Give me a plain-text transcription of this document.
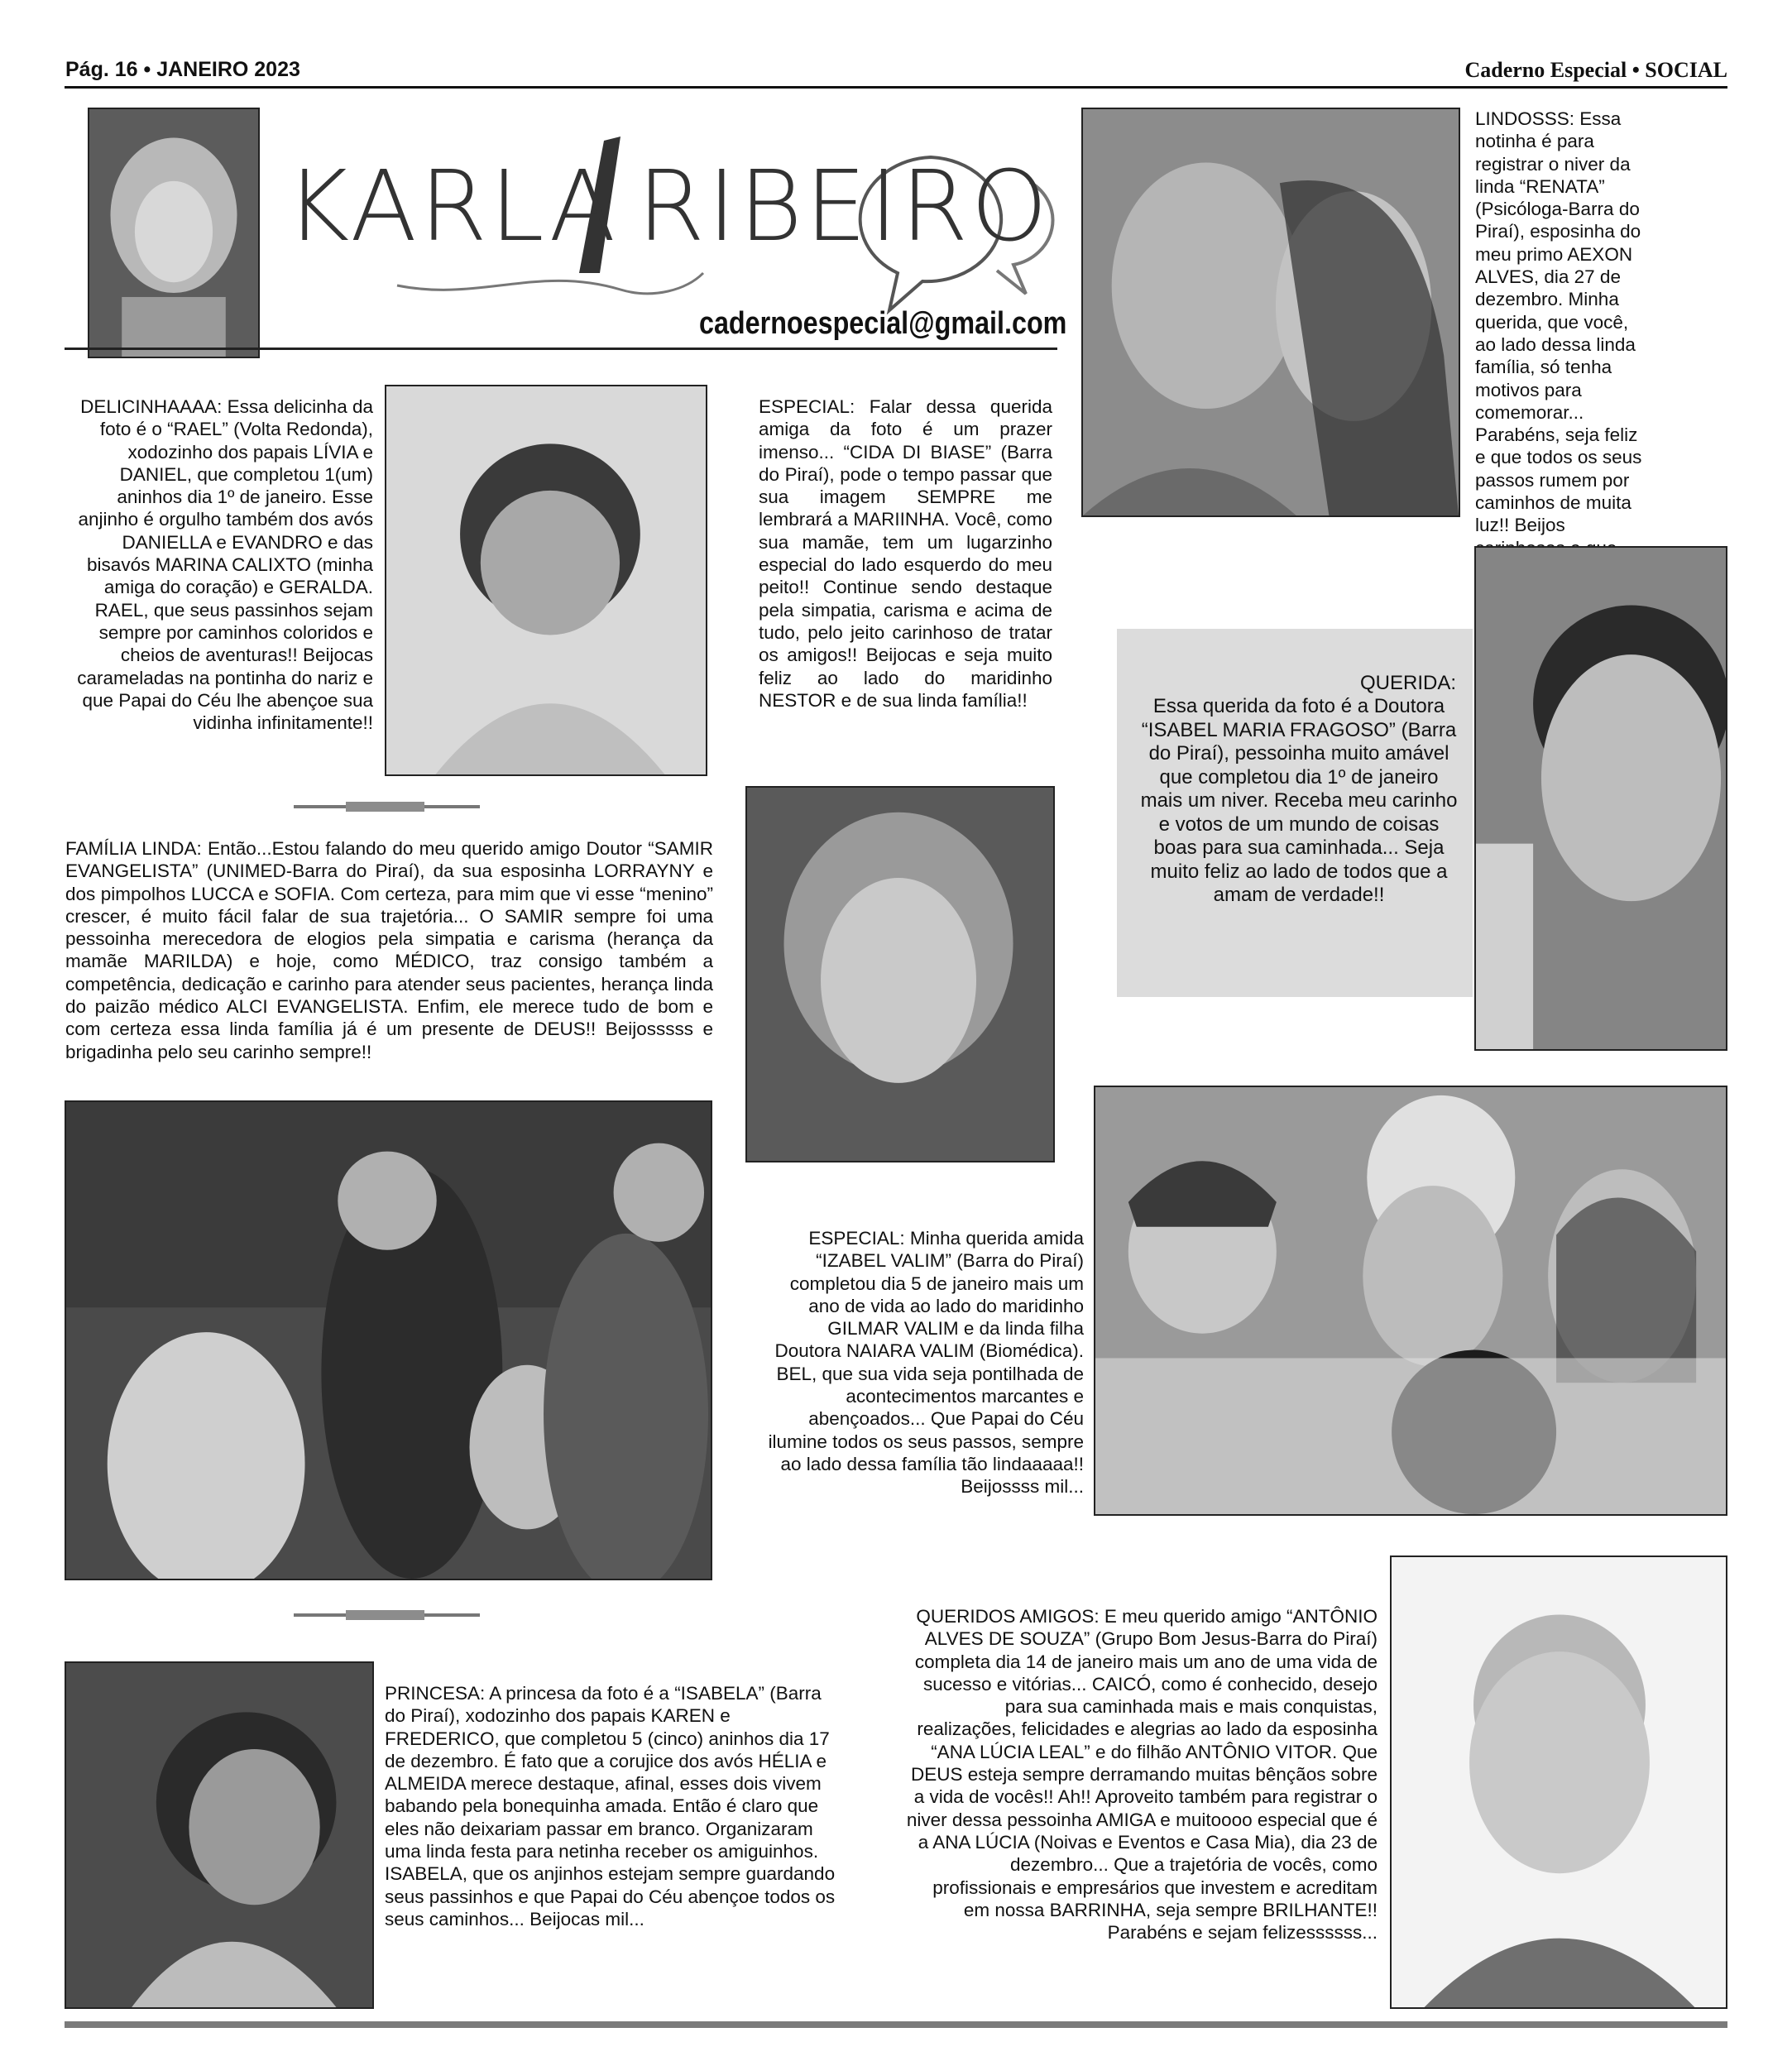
Pág. 16 • JANEIRO 2023	Caderno Especial • SOCIAL
KARLA RIBEIRO
cadernoespecial@gmail.com
DELICINHAAAA: Essa delicinha da foto é o “RAEL” (Volta Redonda), xodozinho dos papais LÍVIA e DANIEL, que completou 1(um) aninhos dia 1º de janeiro. Esse anjinho é orgulho também dos avós DANIELLA e EVANDRO e das bisavós MARINA CALIXTO (minha amiga do coração) e GERALDA. RAEL, que seus passinhos sejam sempre por caminhos coloridos e cheios de aventuras!! Beijocas carameladas na pontinha do nariz e que Papai do Céu lhe abençoe sua vidinha infinitamente!!
ESPECIAL: Falar dessa querida amiga da foto é um prazer imenso... “CIDA DI BIASE” (Barra do Piraí), pode o tempo passar que sua imagem SEMPRE me lembrará a MARIINHA. Você, como sua mamãe, tem um lugarzinho especial do lado esquerdo do meu peito!! Continue sendo destaque pela simpatia, carisma e acima de tudo, pelo jeito carinhoso de tratar os amigos!! Beijocas e seja muito feliz ao lado do maridinho NESTOR e de sua linda família!!
LINDOSSS: Essa notinha é para registrar o niver da linda “RENATA” (Psicóloga-Barra do Piraí), esposinha do meu primo AEXON ALVES, dia 27 de dezembro. Minha querida, que você, ao lado dessa linda família, só tenha motivos para comemorar... Parabéns, seja feliz e que todos os seus passos rumem por caminhos de muita luz!! Beijos
QUERIDA:
Essa querida da foto é a Doutora “ISABEL MARIA FRAGOSO” (Barra do Piraí), pessoinha muito amável que completou dia 1º de janeiro mais um niver. Receba meu carinho e votos de um mundo de coisas boas para sua caminhada... Seja muito feliz ao lado de todos que a amam de verdade!!
FAMÍLIA LINDA: Então...Estou falando do meu querido amigo Doutor “SAMIR EVANGELISTA” (UNIMED-Barra do Piraí), da sua esposinha LORRAYNY e dos pimpolhos LUCCA e SOFIA. Com certeza, para mim que vi esse “menino” crescer, é muito fácil falar de sua trajetória... O SAMIR sempre foi uma pessoinha merecedora de elogios pela simpatia e carisma (herança da mamãe MARILDA) e hoje, como MÉDICO, traz consigo também a competência, dedicação e carinho para atender seus pacientes, herança linda do paizão médico ALCI EVANGELISTA. Enfim, ele merece tudo de bom e com certeza essa linda família já é um presente de DEUS!! Beijosssss e brigadinha pelo seu carinho sempre!!
ESPECIAL: Minha querida amida “IZABEL VALIM” (Barra do Piraí) completou dia 5 de janeiro mais um ano de vida ao lado do maridinho GILMAR VALIM e da linda filha Doutora NAIARA VALIM (Biomédica). BEL, que sua vida seja pontilhada de acontecimentos marcantes e abençoados... Que Papai do Céu ilumine todos os seus passos, sempre ao lado dessa família tão lindaaaaa!! Beijossss mil...
PRINCESA: A princesa da foto é a “ISABELA” (Barra do Piraí), xodozinho dos papais KAREN e FREDERICO, que completou 5 (cinco) aninhos dia 17 de dezembro. É fato que a corujice dos avós HÉLIA e ALMEIDA merece destaque, afinal, esses dois vivem babando pela bonequinha amada. Então é claro que eles não deixariam passar em branco. Organizaram uma linda festa para netinha receber os amiguinhos. ISABELA, que os anjinhos estejam sempre guardando seus passinhos e que Papai do Céu abençoe todos os seus caminhos... Beijocas mil...
QUERIDOS AMIGOS: E meu querido amigo “ANTÔNIO ALVES DE SOUZA” (Grupo Bom Jesus-Barra do Piraí) completa dia 14 de janeiro mais um ano de uma vida de sucesso e vitórias... CAICÓ, como é conhecido, desejo para sua caminhada mais e mais conquistas, realizações, felicidades e alegrias ao lado da esposinha “ANA LÚCIA LEAL” e do filhão ANTÔNIO VITOR. Que DEUS esteja sempre derramando muitas bênçãos sobre a vida de vocês!! Ah!! Aproveito também para registrar o niver dessa pessoinha AMIGA e muitoooo especial que é a ANA LÚCIA (Noivas e Eventos e Casa Mia), dia 23 de dezembro... Que a trajetória de vocês, como profissionais e empresários que investem e acreditam em nossa BARRINHA, seja sempre BRILHANTE!! Parabéns e sejam felizessssss...
